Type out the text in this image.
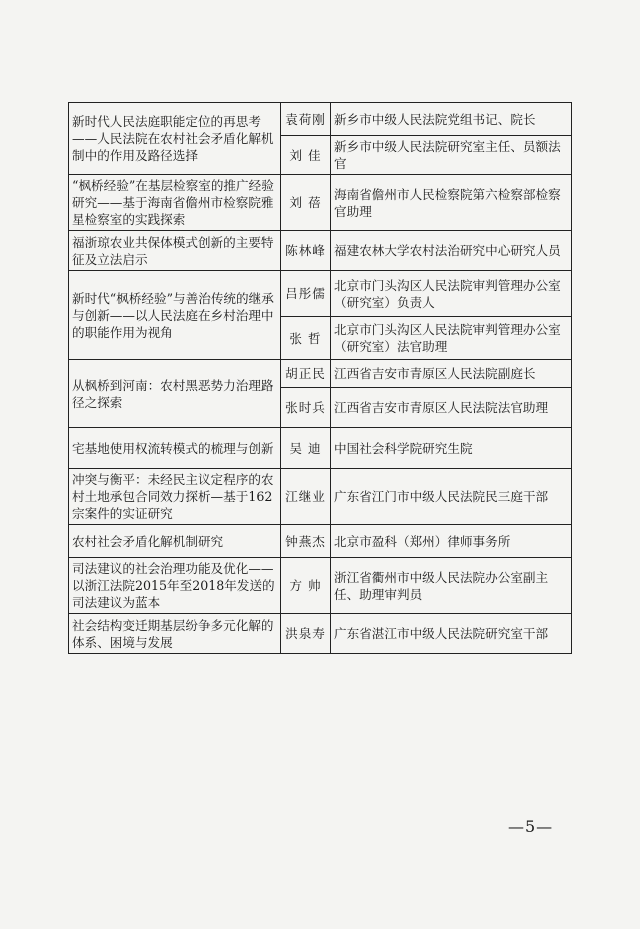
新时代人民法庭职能定位的再思考——人民法院在农村社会矛盾化解机制中的作用及路径选择	袁荷刚	新乡市中级人民法院党组书记、院长
	刘 佳	新乡市中级人民法院研究室主任、员额法官
“枫桥经验”在基层检察室的推广经验研究——基于海南省儋州市检察院雅星检察室的实践探索	刘 蓓	海南省儋州市人民检察院第六检察部检察官助理
福浙琼农业共保体模式创新的主要特征及立法启示	陈林峰	福建农林大学农村法治研究中心研究人员
新时代“枫桥经验”与善治传统的继承与创新——以人民法庭在乡村治理中的职能作用为视角	吕彤儒	北京市门头沟区人民法院审判管理办公室（研究室）负责人
	张 哲	北京市门头沟区人民法院审判管理办公室（研究室）法官助理
从枫桥到河南：农村黑恶势力治理路径之探索	胡正民	江西省吉安市青原区人民法院副庭长
	张时兵	江西省吉安市青原区人民法院法官助理
宅基地使用权流转模式的梳理与创新	吴 迪	中国社会科学院研究生院
冲突与衡平：未经民主议定程序的农村土地承包合同效力探析—基于162宗案件的实证研究	江继业	广东省江门市中级人民法院民三庭干部
农村社会矛盾化解机制研究	钟燕杰	北京市盈科（郑州）律师事务所
司法建议的社会治理功能及优化——以浙江法院2015年至2018年发送的司法建议为蓝本	方 帅	浙江省衢州市中级人民法院办公室副主任、助理审判员
社会结构变迁期基层纷争多元化解的体系、困境与发展	洪泉寿	广东省湛江市中级人民法院研究室干部
—5—
